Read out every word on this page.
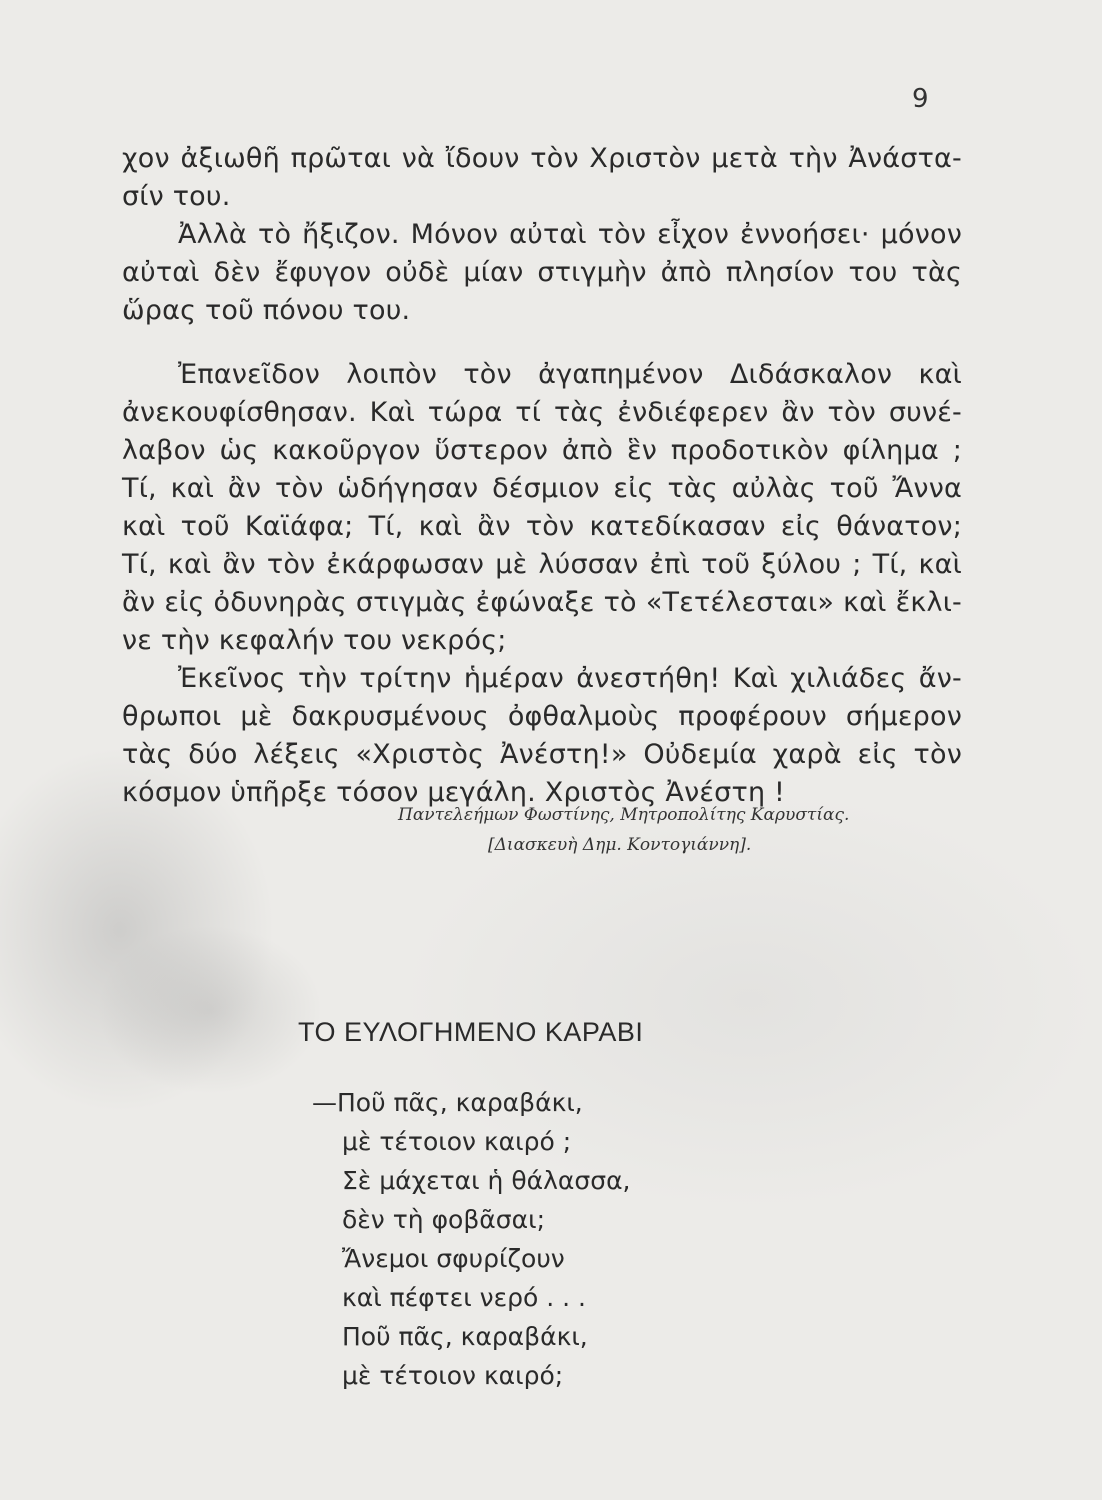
9
χον ἀξιωθῆ πρῶται νὰ ἴδουν τὸν Χριστὸν μετὰ τὴν Ἀνάστα-
σίν του.
Ἀλλὰ τὸ ἤξιζον. Μόνον αὐταὶ τὸν εἶχον ἐννοήσει· μόνον
αὐταὶ δὲν ἔφυγον οὐδὲ μίαν στιγμὴν ἀπὸ πλησίον του τὰς
ὥρας τοῦ πόνου του.
Ἐπανεῖδον λοιπὸν τὸν ἀγαπημένον Διδάσκαλον καὶ
ἀνεκουφίσθησαν. Καὶ τώρα τί τὰς ἐνδιέφερεν ἂν τὸν συνέ-
λαβον ὡς κακοῦργον ὕστερον ἀπὸ ἓν προδοτικὸν φίλημα ;
Τί, καὶ ἂν τὸν ὡδήγησαν δέσμιον εἰς τὰς αὐλὰς τοῦ Ἄννα
καὶ τοῦ Καϊάφα; Τί, καὶ ἂν τὸν κατεδίκασαν εἰς θάνατον;
Τί, καὶ ἂν τὸν ἐκάρφωσαν μὲ λύσσαν ἐπὶ τοῦ ξύλου ; Τί, καὶ
ἂν εἰς ὀδυνηρὰς στιγμὰς ἐφώναξε τὸ «Τετέλεσται» καὶ ἔκλι-
νε τὴν κεφαλήν του νεκρός;
Ἐκεῖνος τὴν τρίτην ἡμέραν ἀνεστήθη! Καὶ χιλιάδες ἄν-
θρωποι μὲ δακρυσμένους ὀφθαλμοὺς προφέρουν σήμερον
τὰς δύο λέξεις «Χριστὸς Ἀνέστη!» Οὐδεμία χαρὰ εἰς τὸν
κόσμον ὑπῆρξε τόσον μεγάλη. Χριστὸς Ἀνέστη !
Παντελεήμων Φωστίνης, Μητροπολίτης Καρυστίας.
[Διασκευὴ Δημ. Κοντογιάννη].
ΤΟ ΕΥΛΟΓΗΜΕΝΟ ΚΑΡΑΒΙ
—Ποῦ πᾶς, καραβάκι,
μὲ τέτοιον καιρό ;
Σὲ μάχεται ἡ θάλασσα,
δὲν τὴ φοβᾶσαι;
Ἄνεμοι σφυρίζουν
καὶ πέφτει νερό . . .
Ποῦ πᾶς, καραβάκι,
μὲ τέτοιον καιρό;
